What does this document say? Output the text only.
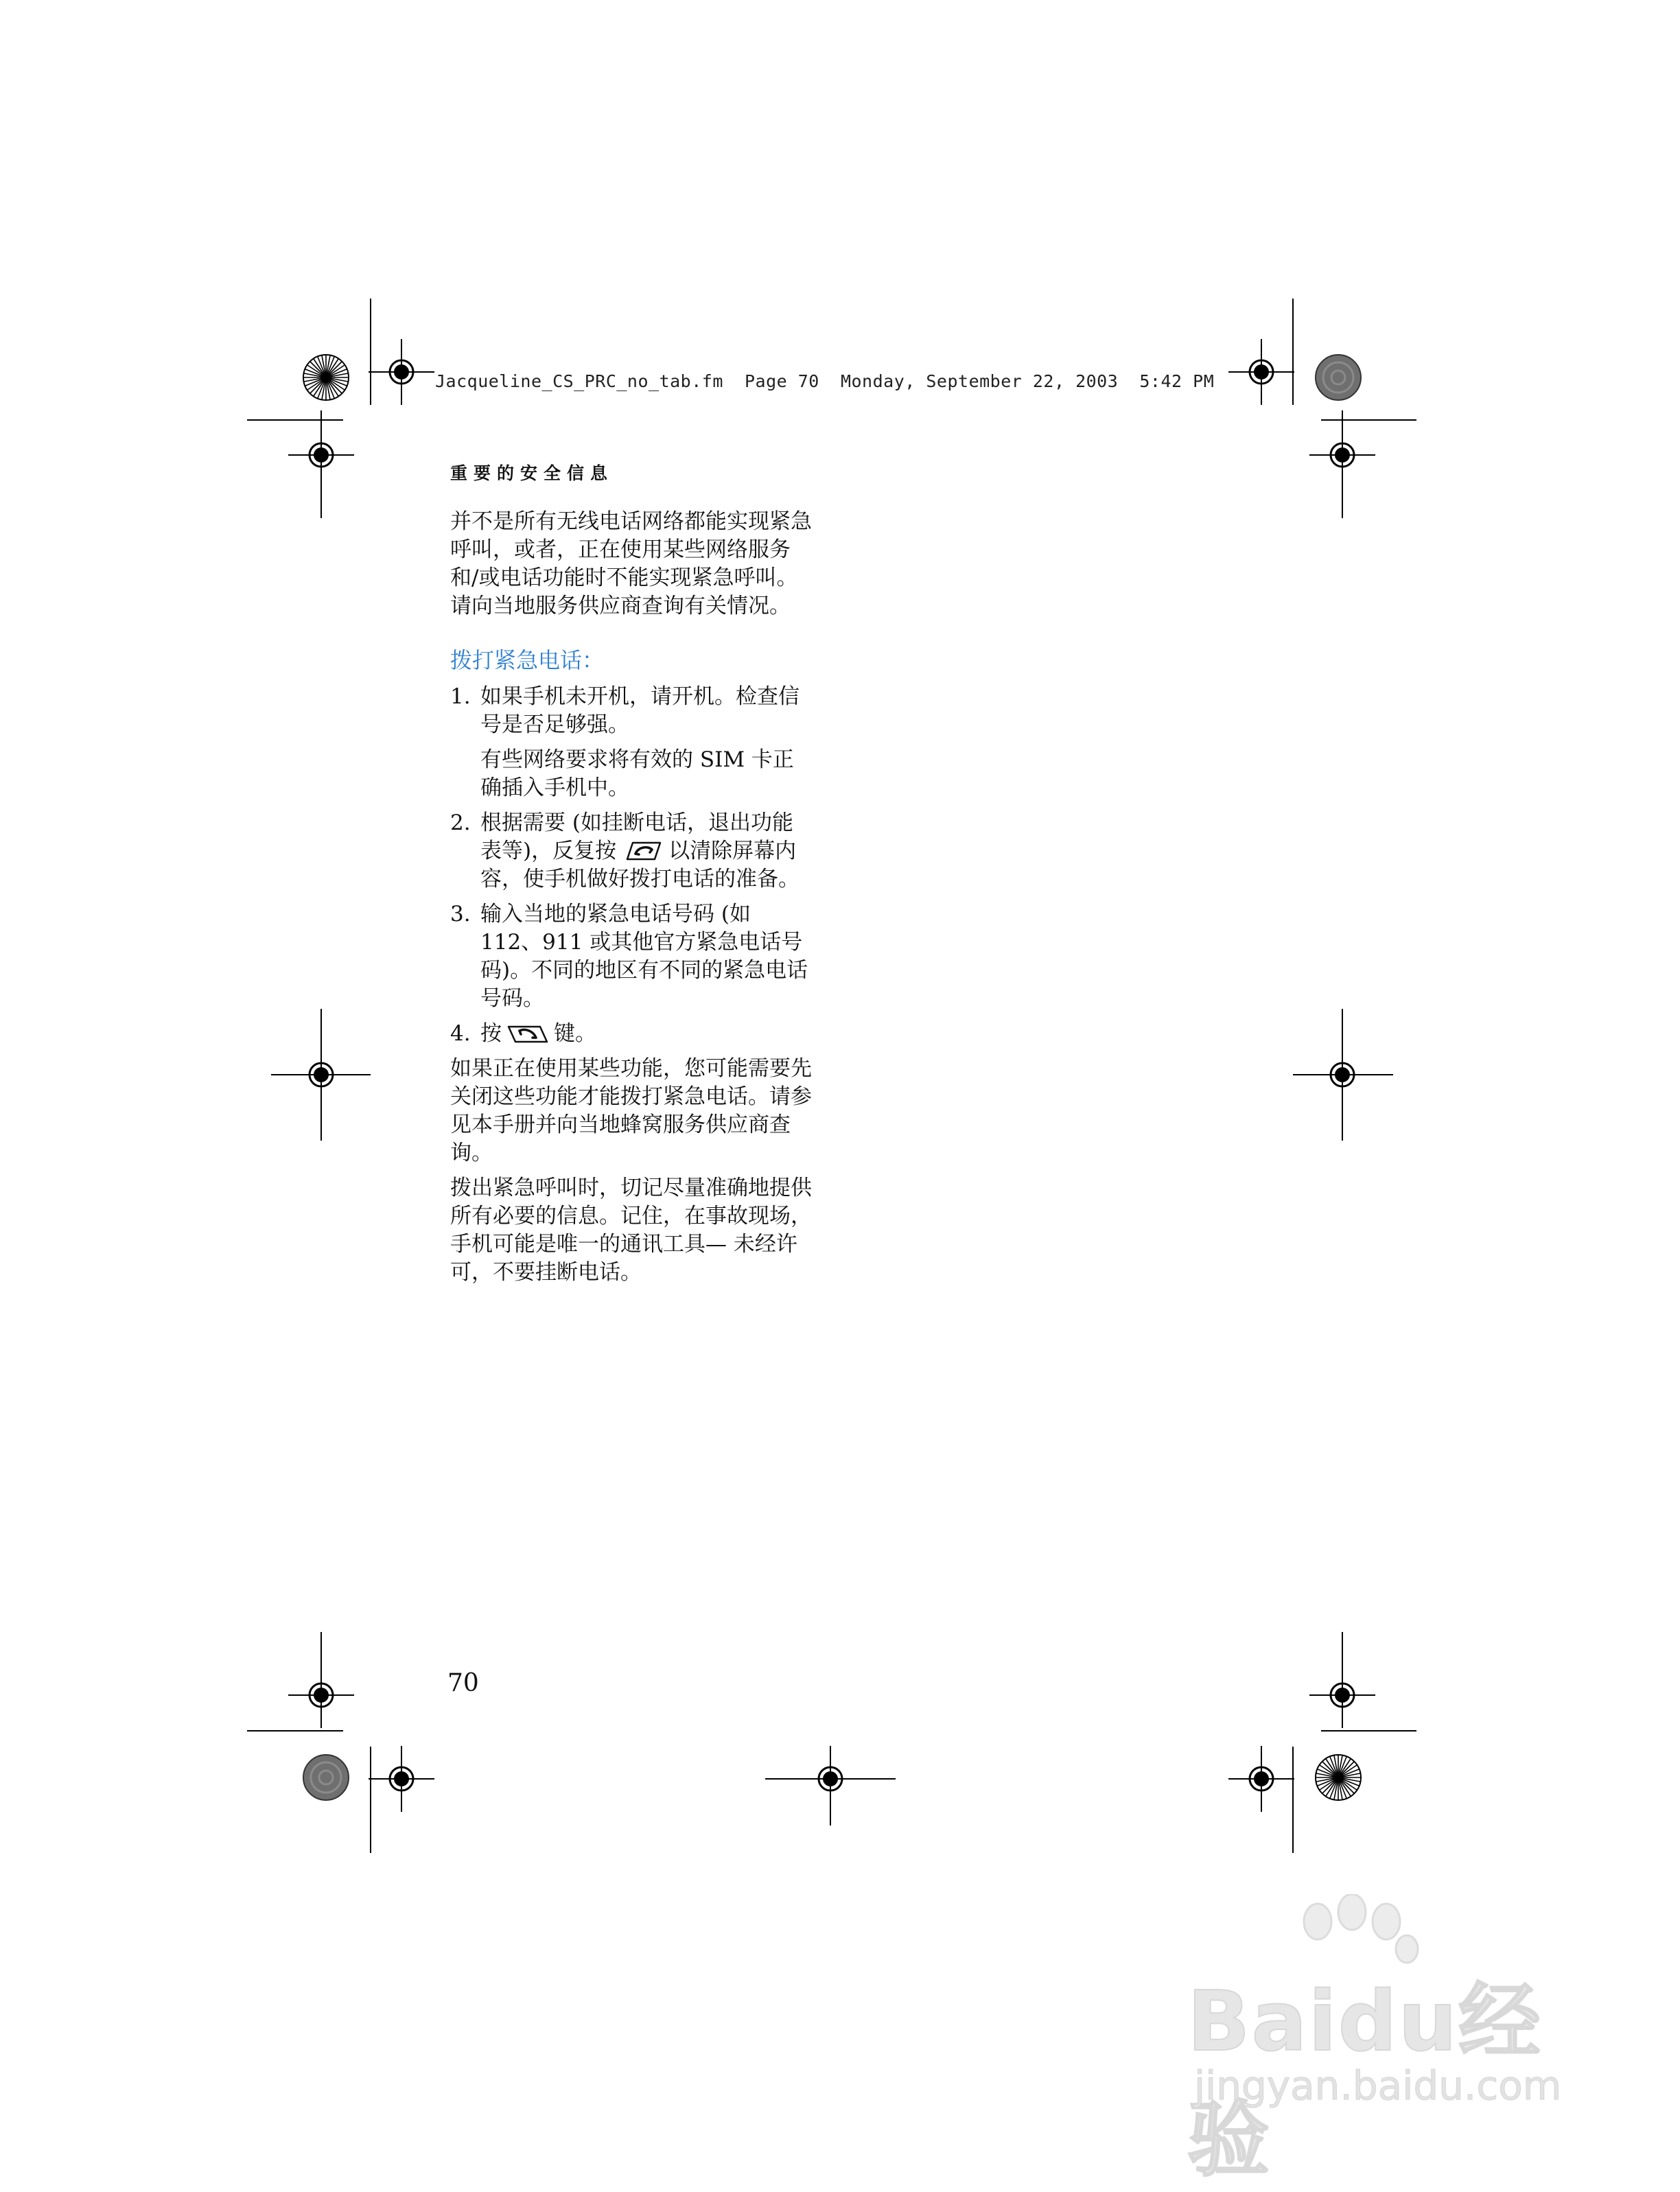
Jacqueline_CS_PRC_no_tab.fm  Page 70  Monday, September 22, 2003  5:42 PM
重要的安全信息

并不是所有无线电话网络都能实现紧急呼叫，或者，正在使用某些网络服务和/或电话功能时不能实现紧急呼叫。请向当地服务供应商查询有关情况。

拨打紧急电话：
1. 如果手机未开机，请开机。检查信号是否足够强。

有些网络要求将有效的 SIM 卡正确插入手机中。

2. 根据需要 (如挂断电话，退出功能表等)，反复按 以清除屏幕内容，使手机做好拨打电话的准备。

3. 输入当地的紧急电话号码 (如 112、911 或其他官方紧急电话号码)。不同的地区有不同的紧急电话号码。

4. 按 键。

如果正在使用某些功能，您可能需要先关闭这些功能才能拨打紧急电话。请参见本手册并向当地蜂窝服务供应商查询。

拨出紧急呼叫时，切记尽量准确地提供所有必要的信息。记住，在事故现场，手机可能是唯一的通讯工具— 未经许可，不要挂断电话。

70
Baidu经验
jingyan.baidu.com
